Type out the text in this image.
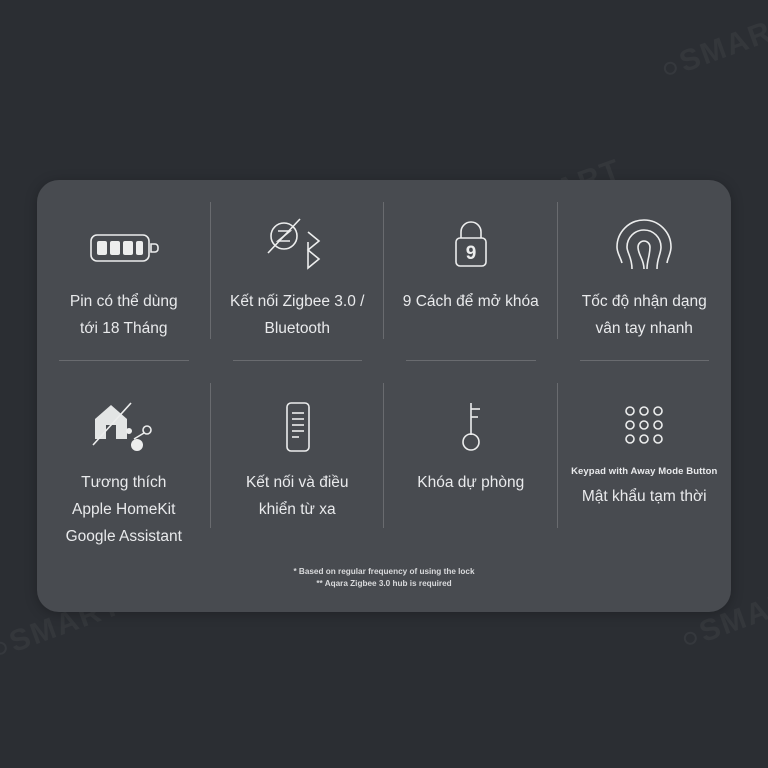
Pin có thể dùng
tới 18 Tháng
Kết nối Zigbee 3.0 /
Bluetooth
9
9 Cách để mở khóa	Tốc độ nhận dạng
vân tay nhanh
Tương thích
Apple HomeKit
Google Assistant
Kết nối và điều
khiển từ xa
Khóa dự phòng
Keypad with Away Mode Button
Mật khẩu tạm thời
* Based on regular frequency of using the lock
** Aqara Zigbee 3.0 hub is required
